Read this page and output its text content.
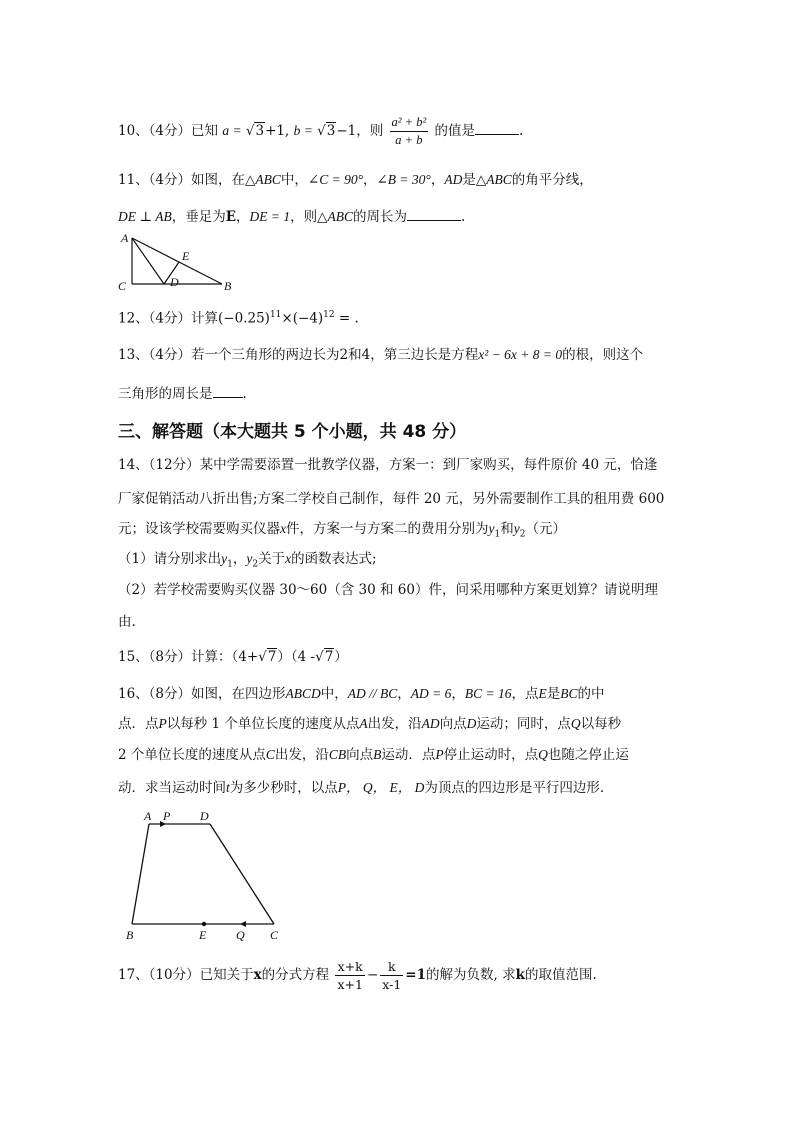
10、（4分）已知 a = √3+1, b = √3−1，则 $\frac{\text{a² + b²}}{a + b}$ 的值是	.
11、（4分）如图，在△ABC中，∠C = 90°，∠B = 30°，AD是△ABC的角平分线，
DE ⊥ AB，垂足为E，DE = 1，则△ABC的周长为	.
A
E
C	D	B
12、（4分）计算$(-0.25)^{11}\times(-4)^{12}$ = .
13、（4分）若一个三角形的两边长为2和4，第三边长是方程x² − 6x + 8 = 0的根，则这个
三角形的周长是 .
三、解答题（本大题共 5 个小题，共 48 分）
14、（12分）某中学需要添置一批教学仪器，方案一：到厂家购买，每件原价 40 元，恰逢
厂家促销活动八折出售;方案二学校自己制作，每件 20 元，另外需要制作工具的租用费 600
元；设该学校需要购买仪器x件，方案一与方案二的费用分别为$y_1$和$y_2$（元）
（1）请分别求出$y_1$，$y_2$关于x的函数表达式;
（2）若学校需要购买仪器 30～60（含 30 和 60）件，问采用哪种方案更划算？请说明理
由.
15、（8分）计算：（4+√7）（4 -√7）
16、（8分）如图，在四边形ABCD中，AD // BC，AD = 6，BC = 16，点E是BC的中
点．点P以每秒 1 个单位长度的速度从点A出发，沿AD向点D运动；同时，点Q以每秒
2 个单位长度的速度从点C出发，沿CB向点B运动．点P停止运动时，点Q也随之停止运
动．求当运动时间t为多少秒时，以点P， Q， E， D为顶点的四边形是平行四边形.
A P D
B	E Q C
17、（10分）已知关于x的分式方程 $\frac{x+k}{x+1} - \frac{k}{x-1} =1$的解为负数, 求k的取值范围.
